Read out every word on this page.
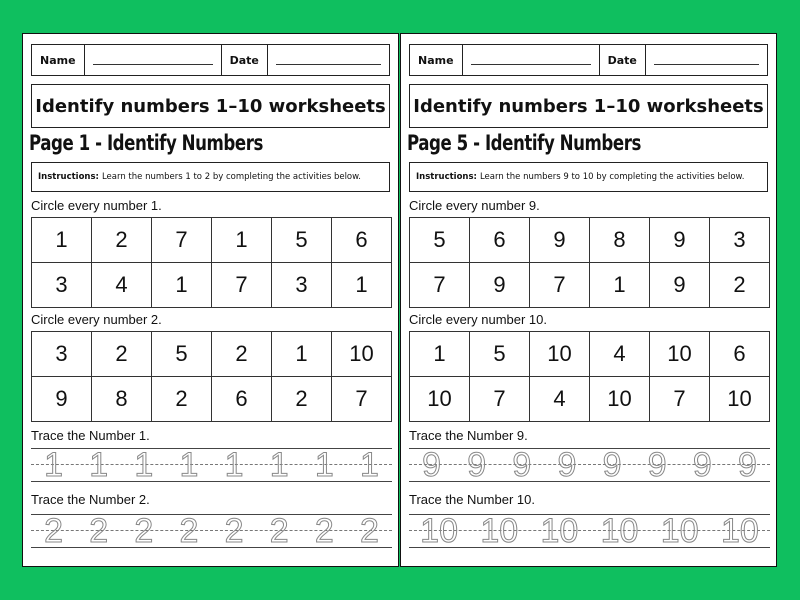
Name	Date
Identify numbers 1–10 worksheets
Page 1 - Identify Numbers
Instructions: Learn the numbers 1 to 2 by completing the activities below.
Circle every number 1.
1	2	7	1	5	6
3	4	1	7	3	1
Circle every number 2.
3	2	5	2	1	10
9	8	2	6	2	7
Trace the Number 1.
1 1 1 1 1 1 1 1
Trace the Number 2.
2 2 2 2 2 2 2 2
Name	Date
Identify numbers 1–10 worksheets
Page 5 - Identify Numbers
Instructions: Learn the numbers 9 to 10 by completing the activities below.
Circle every number 9.
5	6	9	8	9	3
7	9	7	1	9	2
Circle every number 10.
1	5	10	4	10	6
10	7	4	10	7	10
Trace the Number 9.
9 9 9 9 9 9 9 9
Trace the Number 10.
10 10 10 10 10 10
